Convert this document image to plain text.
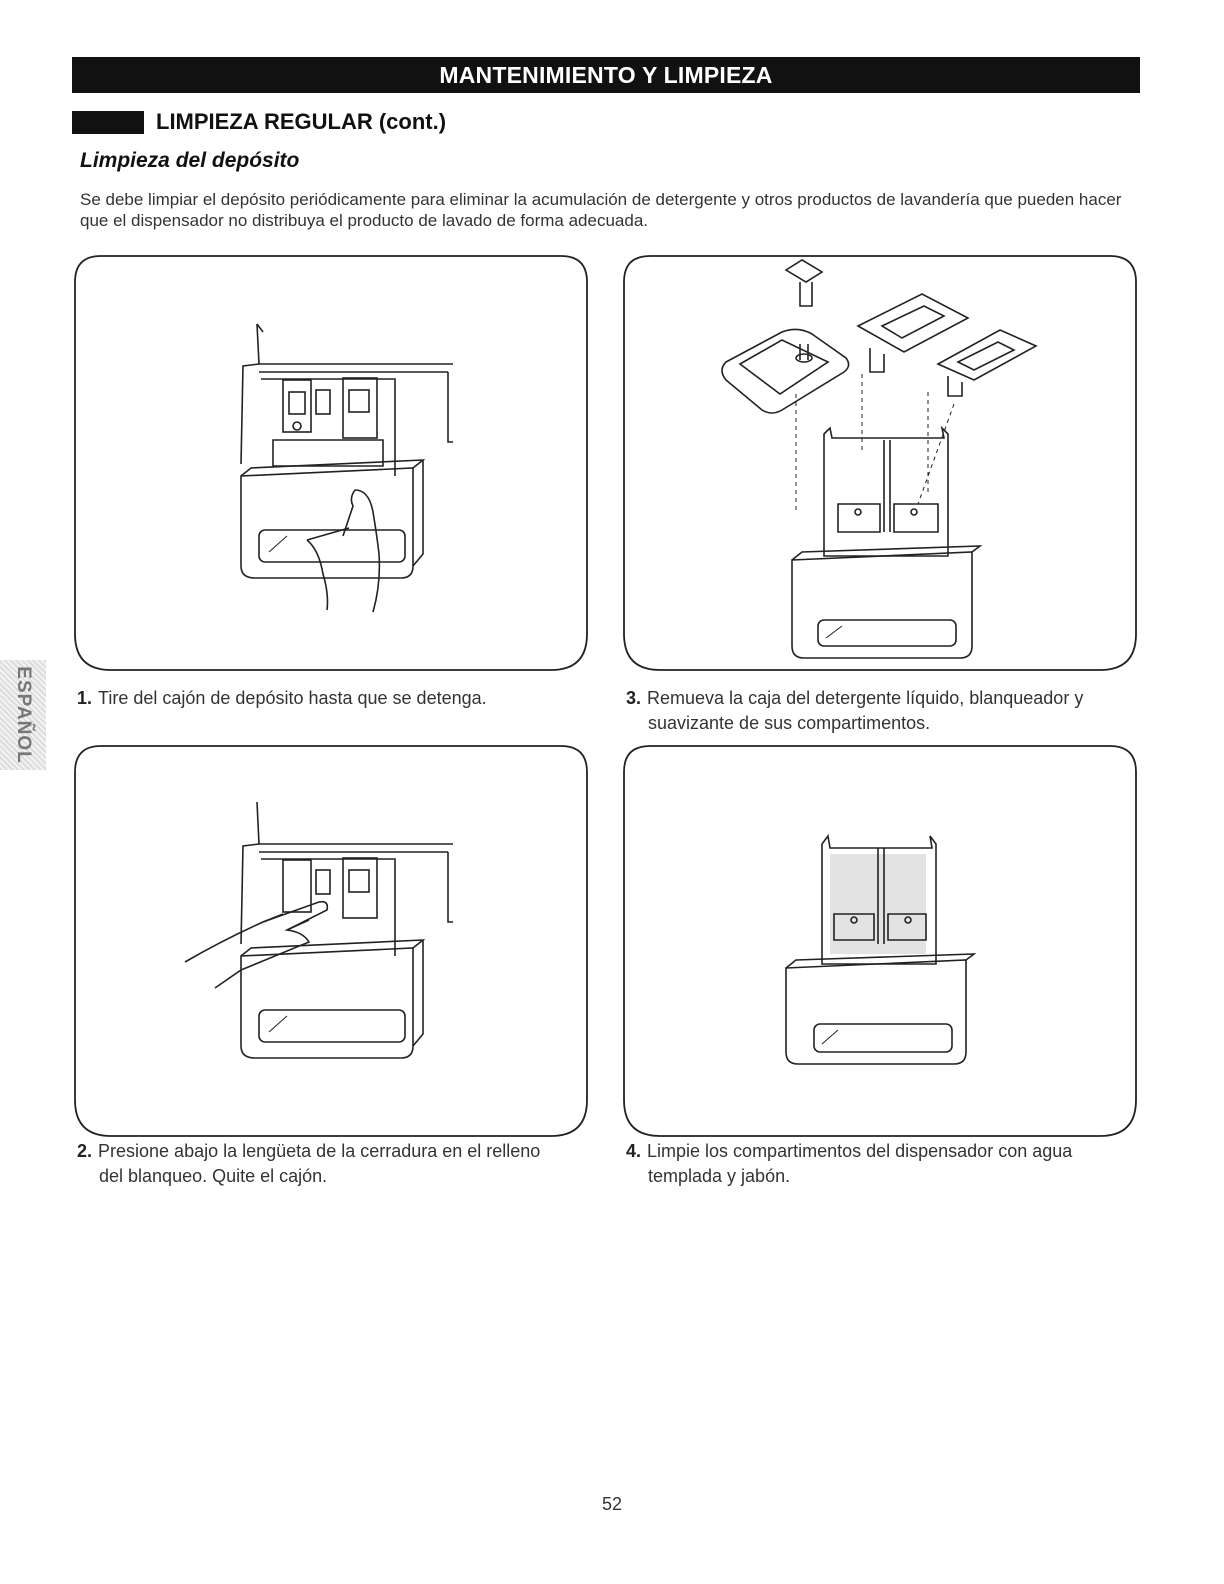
MANTENIMIENTO Y LIMPIEZA
LIMPIEZA REGULAR (cont.)
Limpieza del depósito

Se debe limpiar el depósito periódicamente para eliminar la acumulación de detergente y otros productos de lavandería que pueden hacer que el dispensador no distribuya el producto de lavado de forma adecuada.

1. Tire del cajón de depósito hasta que se detenga.	3. Remueva la caja del detergente líquido, blanqueador y
suavizante de sus compartimentos.
2. Presione abajo la lengüeta de la cerradura en el relleno
del blanqueo. Quite el cajón.
4. Limpie los compartimentos del dispensador con agua
templada y jabón.
ESPAÑOL
52
